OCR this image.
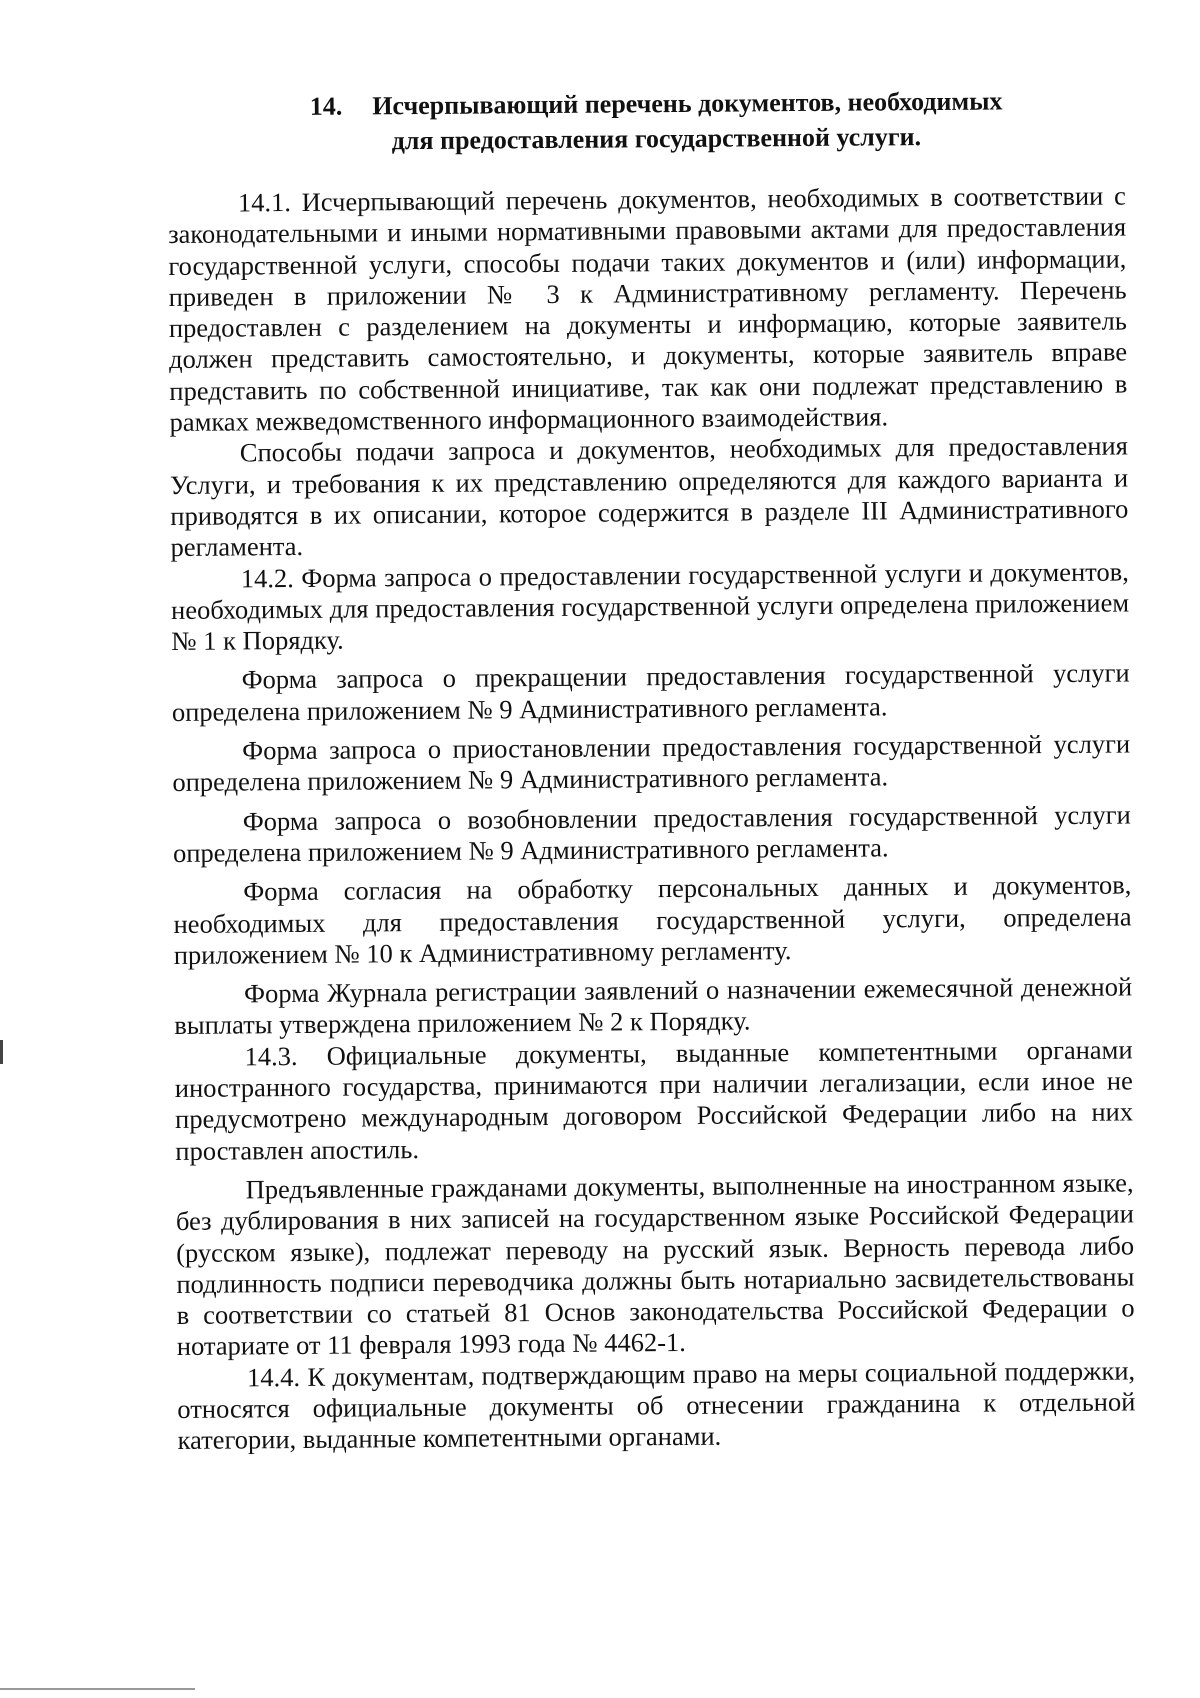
14. Исчерпывающий перечень документов, необходимых
для предоставления государственной услуги.

14.1. Исчерпывающий перечень документов, необходимых в соответствии с законодательными и иными нормативными правовыми актами для предоставления государственной услуги, способы подачи таких документов и (или) информации, приведен в приложении № 3 к Административному регламенту. Перечень предоставлен с разделением на документы и информацию, которые заявитель должен представить самостоятельно, и документы, которые заявитель вправе представить по собственной инициативе, так как они подлежат представлению в рамках межведомственного информационного взаимодействия.

Способы подачи запроса и документов, необходимых для предоставления Услуги, и требования к их представлению определяются для каждого варианта и приводятся в их описании, которое содержится в разделе III Административного регламента.

14.2. Форма запроса о предоставлении государственной услуги и документов, необходимых для предоставления государственной услуги определена приложением № 1 к Порядку.

Форма запроса о прекращении предоставления государственной услуги определена приложением № 9 Административного регламента.

Форма запроса о приостановлении предоставления государственной услуги определена приложением № 9 Административного регламента.

Форма запроса о возобновлении предоставления государственной услуги определена приложением № 9 Административного регламента.

Форма согласия на обработку персональных данных и документов, необходимых для предоставления государственной услуги, определена приложением № 10 к Административному регламенту.

Форма Журнала регистрации заявлений о назначении ежемесячной денежной выплаты утверждена приложением № 2 к Порядку.

14.3. Официальные документы, выданные компетентными органами иностранного государства, принимаются при наличии легализации, если иное не предусмотрено международным договором Российской Федерации либо на них проставлен апостиль.

Предъявленные гражданами документы, выполненные на иностранном языке, без дублирования в них записей на государственном языке Российской Федерации (русском языке), подлежат переводу на русский язык. Верность перевода либо подлинность подписи переводчика должны быть нотариально засвидетельствованы в соответствии со статьей 81 Основ законодательства Российской Федерации о нотариате от 11 февраля 1993 года № 4462-1.

14.4. К документам, подтверждающим право на меры социальной поддержки, относятся официальные документы об отнесении гражданина к отдельной категории, выданные компетентными органами.
